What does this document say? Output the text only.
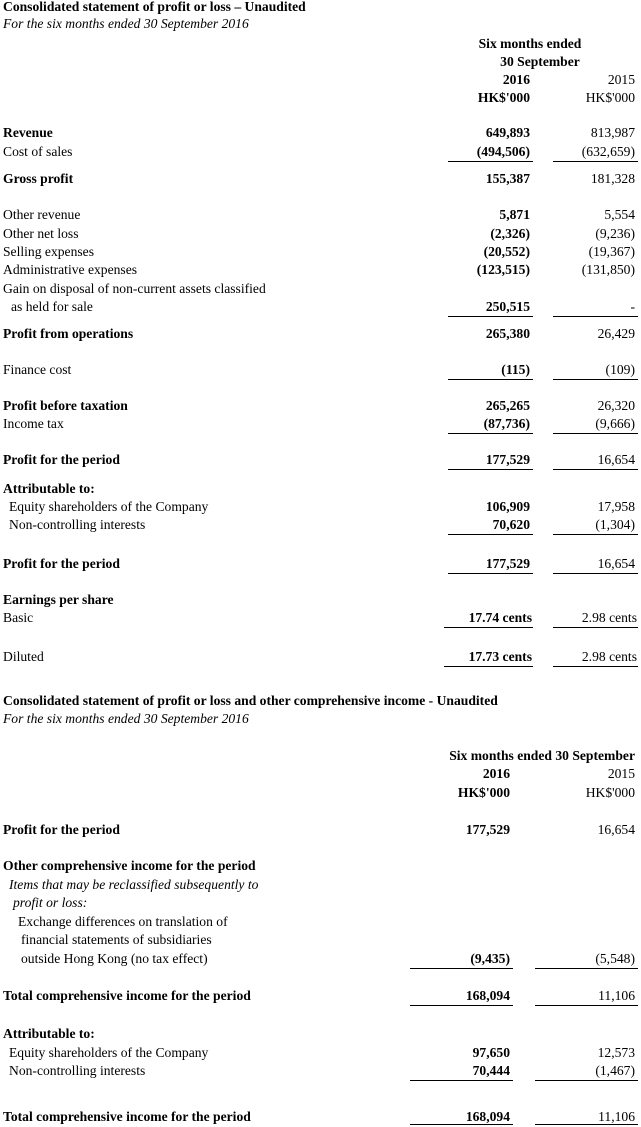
Consolidated statement of profit or loss – Unaudited
For the six months ended 30 September 2016
Six months ended
30 September
2016	2015
HK$'000	HK$'000
Revenue	649,893	813,987
Cost of sales	(494,506)	(632,659)
Gross profit	155,387	181,328
Other revenue	5,871	5,554
Other net loss	(2,326)	(9,236)
Selling expenses	(20,552)	(19,367)
Administrative expenses	(123,515)	(131,850)
Gain on disposal of non-current assets classified
as held for sale	250,515	-
Profit from operations	265,380	26,429
Finance cost	(115)	(109)
Profit before taxation	265,265	26,320
Income tax	(87,736)	(9,666)
Profit for the period	177,529	16,654
Attributable to:
Equity shareholders of the Company	106,909	17,958
Non-controlling interests	70,620	(1,304)
Profit for the period	177,529	16,654
Earnings per share
Basic	17.74 cents	2.98 cents
Diluted	17.73 cents	2.98 cents
Consolidated statement of profit or loss and other comprehensive income - Unaudited
For the six months ended 30 September 2016
Six months ended 30 September
2016	2015
HK$'000	HK$'000
Profit for the period	177,529	16,654
Other comprehensive income for the period
Items that may be reclassified subsequently to
profit or loss:
Exchange differences on translation of
financial statements of subsidiaries
outside Hong Kong (no tax effect)	(9,435)	(5,548)
Total comprehensive income for the period	168,094	11,106
Attributable to:
Equity shareholders of the Company	97,650	12,573
Non-controlling interests	70,444	(1,467)
Total comprehensive income for the period	168,094	11,106
